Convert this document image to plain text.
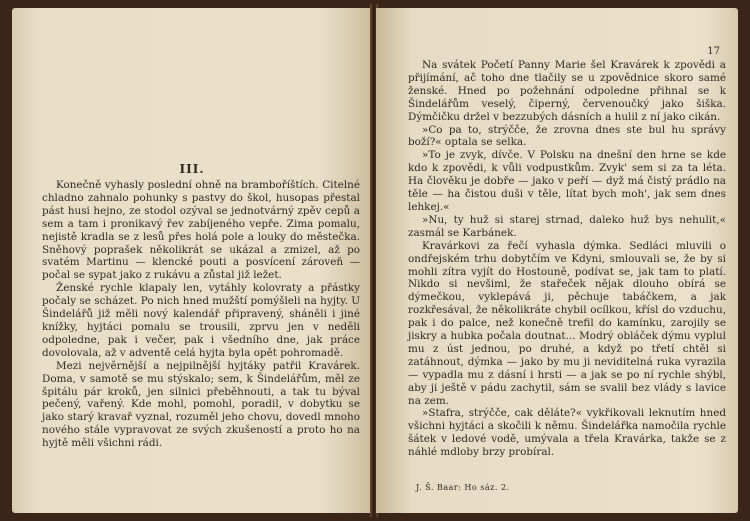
III.

Konečně vyhasly poslední ohně na bramboříštích. Citelné chladno zahnalo pohunky s pastvy do škol, husopas přestal pást husi hejno, ze stodol ozýval se jednotvárný zpěv cepů a sem a tam i pronikavý řev zabíjeného vepře. Zima pomalu, nejistě kradla se z lesů přes holá pole a louky do městečka. Sněhový poprašek několikrát se ukázal a zmizel, až po svatém Martinu — klencké pouti a posvícení zároveň — počal se sypat jako z rukávu a zůstal již ležet.

Ženské rychle klapaly len, vytáhly kolovraty a přástky počaly se scházet. Po nich hned mužští pomýšleli na hyjty. U Šindelářů již měli nový kalendář připravený, sháněli i jiné knížky, hyjtáci pomalu se trousili, zprvu jen v neděli odpoledne, pak i večer, pak i všedního dne, jak práce dovolovala, až v adventě celá hyjta byla opět pohromadě.

Mezi nejvěrnější a nejpilnější hyjtáky patřil Kravárek. Doma, v samotě se mu stýskalo; sem, k Šindelářům, měl ze špitálu pár kroků, jen silnici přeběhnouti, a tak tu býval pečený, vařený. Kde mohl, pomohl, poradil, v dobytku se jako starý kravař vyznal, rozuměl jeho chovu, dovedl mnoho nového stále vypravovat ze svých zkušeností a proto ho na hyjtě měli všichni rádi.

17

Na svátek Početí Panny Marie šel Kravárek k zpovědi a přijímání, ač toho dne tlačily se u zpovědnice skoro samé ženské. Hned po požehnání odpoledne přihnal se k Šindelářům veselý, čiperný, červenoučký jako šiška. Dýmčičku držel v bezzubých dásních a hulil z ní jako cikán.

»Co pa to, strýčče, že zrovna dnes ste bul hu správy boží?« optala se selka.

»To je zvyk, dívče. V Polsku na dnešní den hrne se kde kdo k zpovědi, k vůli vodpustkům. Zvyk' sem si za ta léta. Ha člověku je dobře — jako v peří — dyž má čistý prádlo na těle — ha čistou duši v těle, lítat bych moh', jak sem dnes lehkej.«

»Nu, ty huž si starej strnad, daleko huž bys nehulit,« zasmál se Karbánek.

Kravárkovi za řečí vyhasla dýmka. Sedláci mluvili o ondřejském trhu dobytčím ve Kdyni, smlouvali se, že by si mohli zítra vyjít do Hostouně, podívat se, jak tam to platí. Nikdo si nevšiml, že stařeček nějak dlouho obírá se dýmečkou, vyklepává ji, pěchuje tabáčkem, a jak rozkřesával, že několikráte chybil ocílkou, křísl do vzduchu, pak i do palce, než konečně trefil do kamínku, zarojily se jiskry a hubka počala doutnat... Modrý obláček dýmu vyplul mu z úst jednou, po druhé, a když po třetí chtěl si zatáhnout, dýmka — jako by mu ji neviditelná ruka vyrazila — vypadla mu z dásní i hrsti — a jak se po ní rychle shýbl, aby ji ještě v pádu zachytil, sám se svalil bez vlády s lavice na zem.

»Stafra, strýčče, cak děláte?« vykřikovali leknutím hned všichni hyjtáci a skočili k němu. Šindelářka namočila rychle šátek v ledové vodě, umývala a třela Kravárka, takže se z náhlé mdloby brzy probíral.

J. Š. Baar: Ho sáz. 2.
